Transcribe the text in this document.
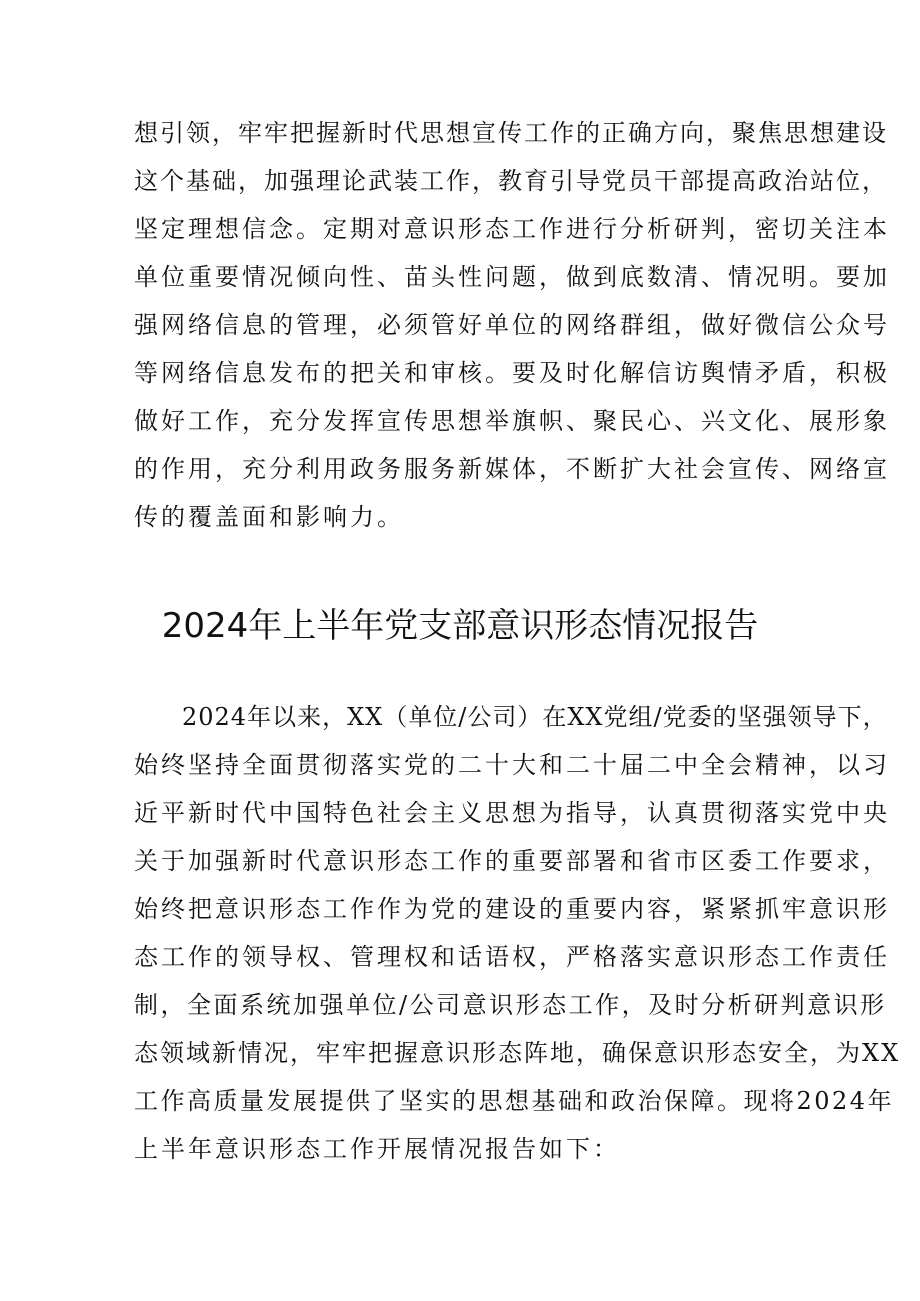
想引领，牢牢把握新时代思想宣传工作的正确方向，聚焦思想建设
这个基础，加强理论武装工作，教育引导党员干部提高政治站位，
坚定理想信念。定期对意识形态工作进行分析研判，密切关注本
单位重要情况倾向性、苗头性问题，做到底数清、情况明。要加
强网络信息的管理，必须管好单位的网络群组，做好微信公众号
等网络信息发布的把关和审核。要及时化解信访舆情矛盾，积极
做好工作，充分发挥宣传思想举旗帜、聚民心、兴文化、展形象
的作用，充分利用政务服务新媒体，不断扩大社会宣传、网络宣
传的覆盖面和影响力。
2024年上半年党支部意识形态情况报告
2024年以来，XX（单位/公司）在XX党组/党委的坚强领导下，
始终坚持全面贯彻落实党的二十大和二十届二中全会精神，以习
近平新时代中国特色社会主义思想为指导，认真贯彻落实党中央
关于加强新时代意识形态工作的重要部署和省市区委工作要求，
始终把意识形态工作作为党的建设的重要内容，紧紧抓牢意识形
态工作的领导权、管理权和话语权，严格落实意识形态工作责任
制，全面系统加强单位/公司意识形态工作，及时分析研判意识形
态领域新情况，牢牢把握意识形态阵地，确保意识形态安全，为XX
工作高质量发展提供了坚实的思想基础和政治保障。现将2024年
上半年意识形态工作开展情况报告如下：
